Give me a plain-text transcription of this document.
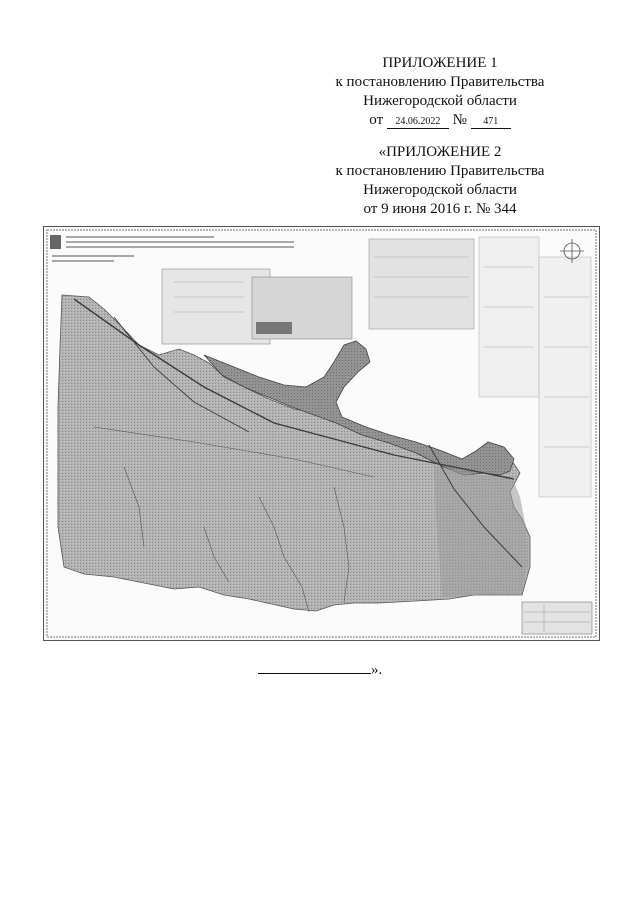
ПРИЛОЖЕНИЕ 1
к постановлению Правительства
Нижегородской области
от 24.06.2022 № 471
«ПРИЛОЖЕНИЕ 2
к постановлению Правительства
Нижегородской области
от 9 июня 2016 г. № 344
».
